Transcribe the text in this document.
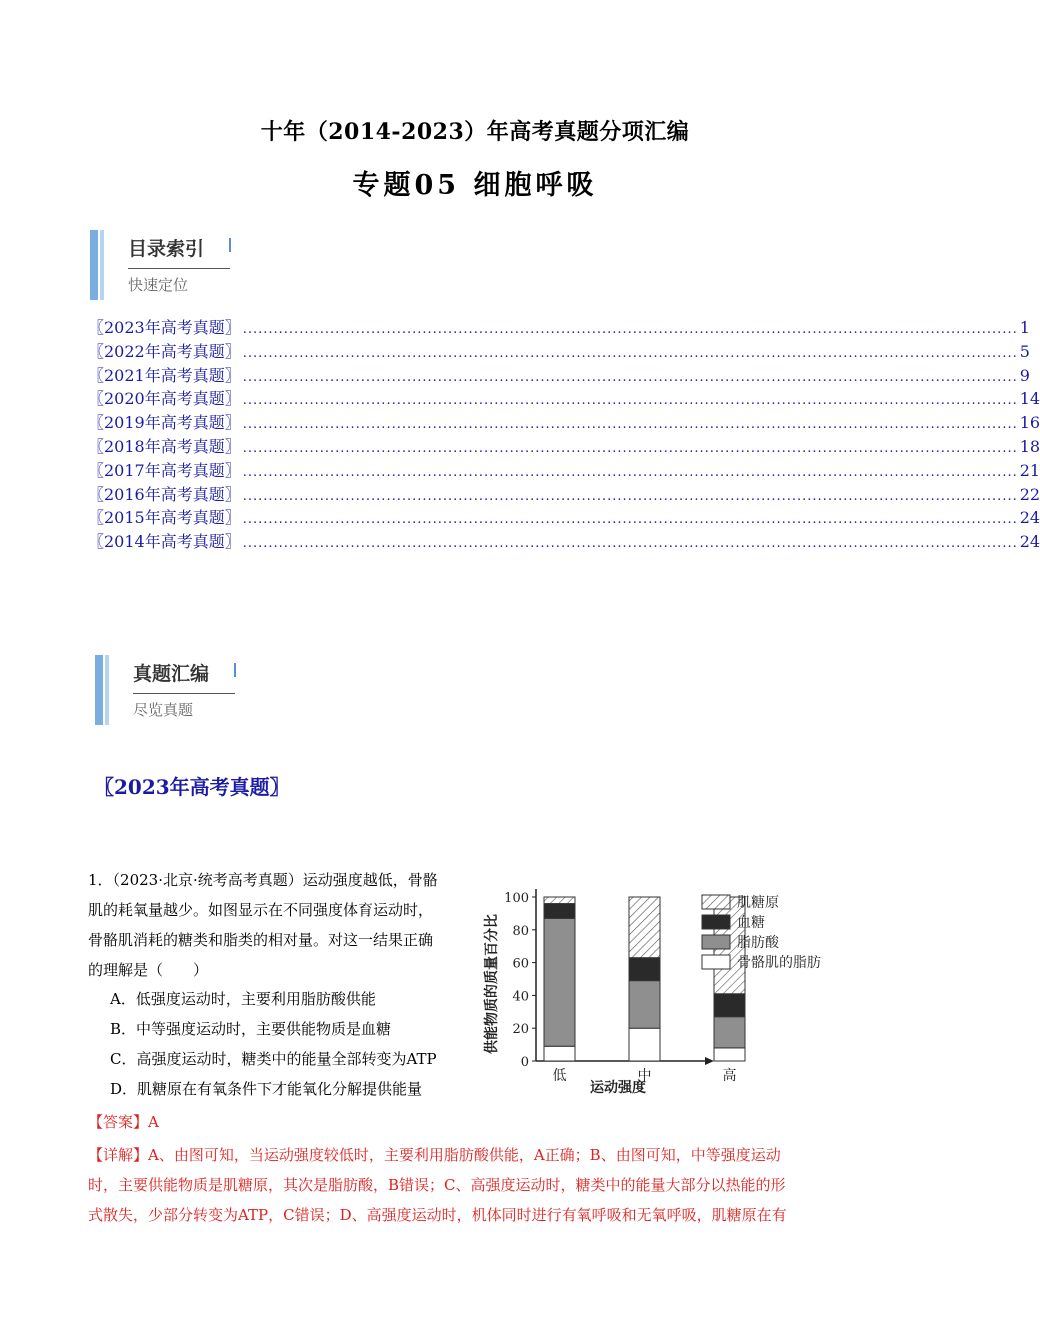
十年（2014-2023）年高考真题分项汇编
专题05 细胞呼吸
目录索引
快速定位
〖2023年高考真题〗 ....................................................................................................................................................... 1
〖2022年高考真题〗 ....................................................................................................................................................... 5
〖2021年高考真题〗 ....................................................................................................................................................... 9
〖2020年高考真题〗 ....................................................................................................................................................... 14
〖2019年高考真题〗 ....................................................................................................................................................... 16
〖2018年高考真题〗 ....................................................................................................................................................... 18
〖2017年高考真题〗 ....................................................................................................................................................... 21
〖2016年高考真题〗 ....................................................................................................................................................... 22
〖2015年高考真题〗 ....................................................................................................................................................... 24
〖2014年高考真题〗 ....................................................................................................................................................... 24
真题汇编
尽览真题
〖2023年高考真题〗
1．（2023·北京·统考高考真题）运动强度越低，骨骼
肌的耗氧量越少。如图显示在不同强度体育运动时，
骨骼肌消耗的糖类和脂类的相对量。对这一结果正确
的理解是（　　）
A．低强度运动时，主要利用脂肪酸供能
B．中等强度运动时，主要供能物质是血糖
C．高强度运动时，糖类中的能量全部转变为ATP
D．肌糖原在有氧条件下才能氧化分解提供能量
【答案】A
【详解】A、由图可知，当运动强度较低时，主要利用脂肪酸供能，A正确；B、由图可知，中等强度运动
时，主要供能物质是肌糖原，其次是脂肪酸，B错误；C、高强度运动时，糖类中的能量大部分以热能的形
式散失，少部分转变为ATP，C错误；D、高强度运动时，机体同时进行有氧呼吸和无氧呼吸，肌糖原在有
供能物质的质量百分比
运动强度
0
20
40
60
80
100
低	中	高
肌糖原
血糖
脂肪酸
骨骼肌的脂肪
